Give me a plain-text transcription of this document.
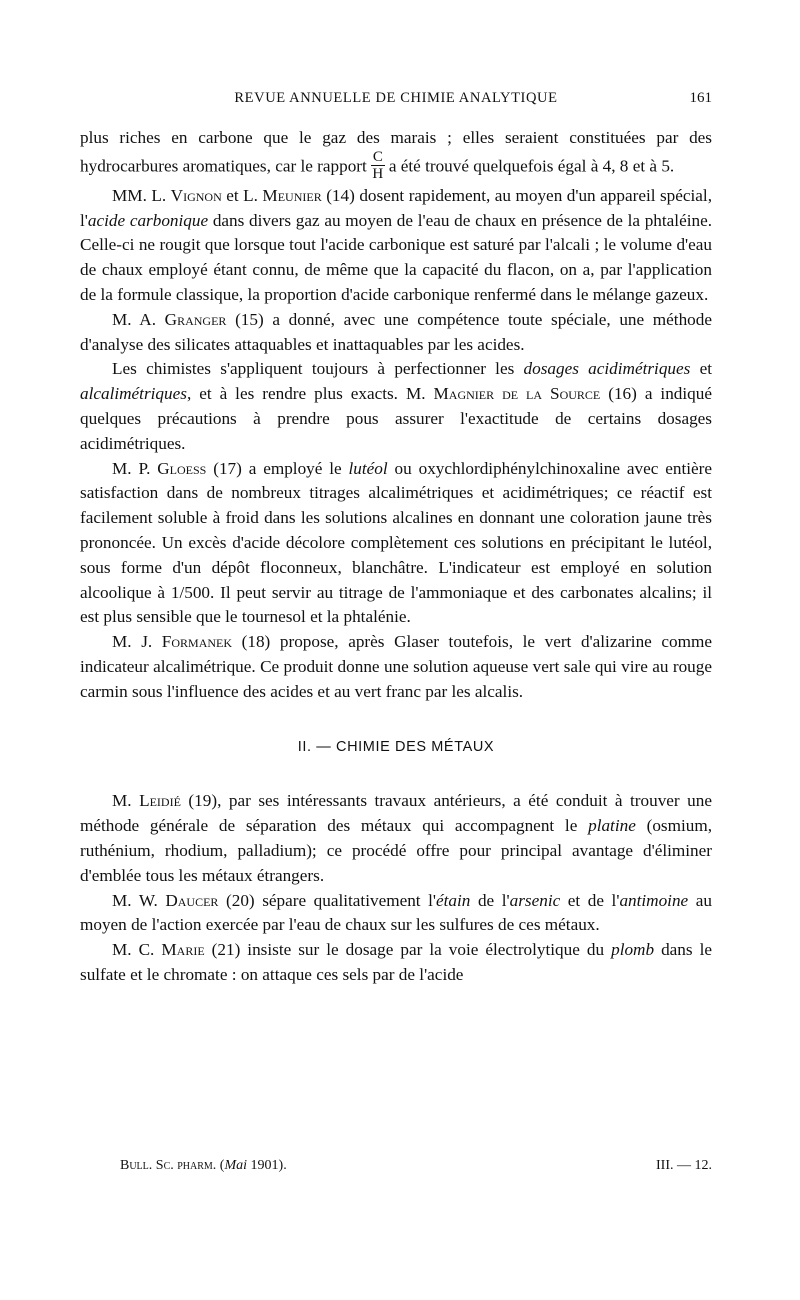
REVUE ANNUELLE DE CHIMIE ANALYTIQUE	161

plus riches en carbone que le gaz des marais ; elles seraient constituées par des hydrocarbures aromatiques, car le rapport $\frac{C}{H}$ a été trouvé quelquefois égal à 4, 8 et à 5.

MM. L. Vignon et L. Meunier (14) dosent rapidement, au moyen d'un appareil spécial, l'acide carbonique dans divers gaz au moyen de l'eau de chaux en présence de la phtaléine. Celle-ci ne rougit que lorsque tout l'acide carbonique est saturé par l'alcali ; le volume d'eau de chaux employé étant connu, de même que la capacité du flacon, on a, par l'application de la formule classique, la proportion d'acide carbonique renfermé dans le mélange gazeux.

M. A. Granger (15) a donné, avec une compétence toute spéciale, une méthode d'analyse des silicates attaquables et inattaquables par les acides.

Les chimistes s'appliquent toujours à perfectionner les dosages acidimétriques et alcalimétriques, et à les rendre plus exacts. M. Magnier de la Source (16) a indiqué quelques précautions à prendre pous assurer l'exactitude de certains dosages acidimétriques.

M. P. Gloess (17) a employé le lutéol ou oxychlordiphénylchinoxaline avec entière satisfaction dans de nombreux titrages alcalimétriques et acidimétriques; ce réactif est facilement soluble à froid dans les solutions alcalines en donnant une coloration jaune très prononcée. Un excès d'acide décolore complètement ces solutions en précipitant le lutéol, sous forme d'un dépôt floconneux, blanchâtre. L'indicateur est employé en solution alcoolique à 1/500. Il peut servir au titrage de l'ammoniaque et des carbonates alcalins; il est plus sensible que le tournesol et la phtalénie.

M. J. Formanek (18) propose, après Glaser toutefois, le vert d'alizarine comme indicateur alcalimétrique. Ce produit donne une solution aqueuse vert sale qui vire au rouge carmin sous l'influence des acides et au vert franc par les alcalis.

II. — CHIMIE DES MÉTAUX

M. Leidié (19), par ses intéressants travaux antérieurs, a été conduit à trouver une méthode générale de séparation des métaux qui accompagnent le platine (osmium, ruthénium, rhodium, palladium); ce procédé offre pour principal avantage d'éliminer d'emblée tous les métaux étrangers.

M. W. Daucer (20) sépare qualitativement l'étain de l'arsenic et de l'antimoine au moyen de l'action exercée par l'eau de chaux sur les sulfures de ces métaux.

M. C. Marie (21) insiste sur le dosage par la voie électrolytique du plomb dans le sulfate et le chromate : on attaque ces sels par de l'acide

Bull. Sc. pharm. (Mai 1901).	III. — 12.
